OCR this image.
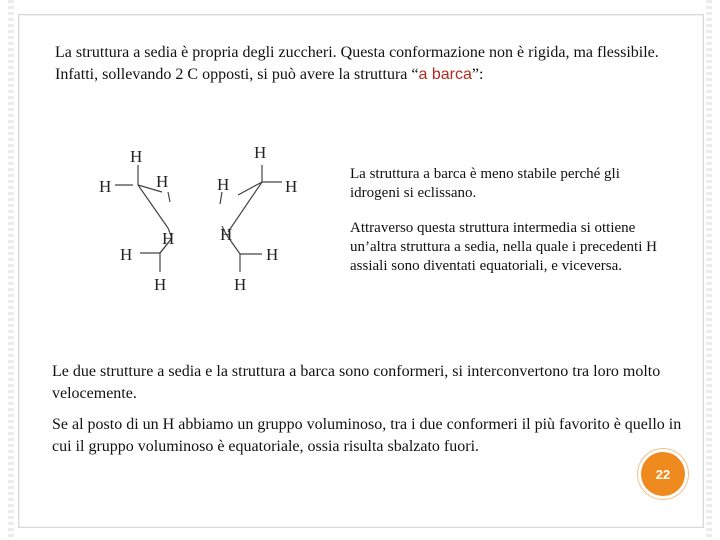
La struttura a sedia è propria degli zuccheri. Questa conformazione non è rigida, ma flessibile. Infatti, sollevando 2 C opposti, si può avere la struttura “a barca”:
H	H
H	H	H	H
H	H
H	H
H	H
La struttura a barca è meno stabile perché gli idrogeni si eclissano.
Attraverso questa struttura intermedia si ottiene un’altra struttura a sedia, nella quale i precedenti H assiali sono diventati equatoriali, e viceversa.
Le due strutture a sedia e la struttura a barca sono conformeri, si interconvertono tra loro molto velocemente.
Se al posto di un H abbiamo un gruppo voluminoso, tra i due conformeri il più favorito è quello in cui il gruppo voluminoso è equatoriale, ossia risulta sbalzato fuori.
22
